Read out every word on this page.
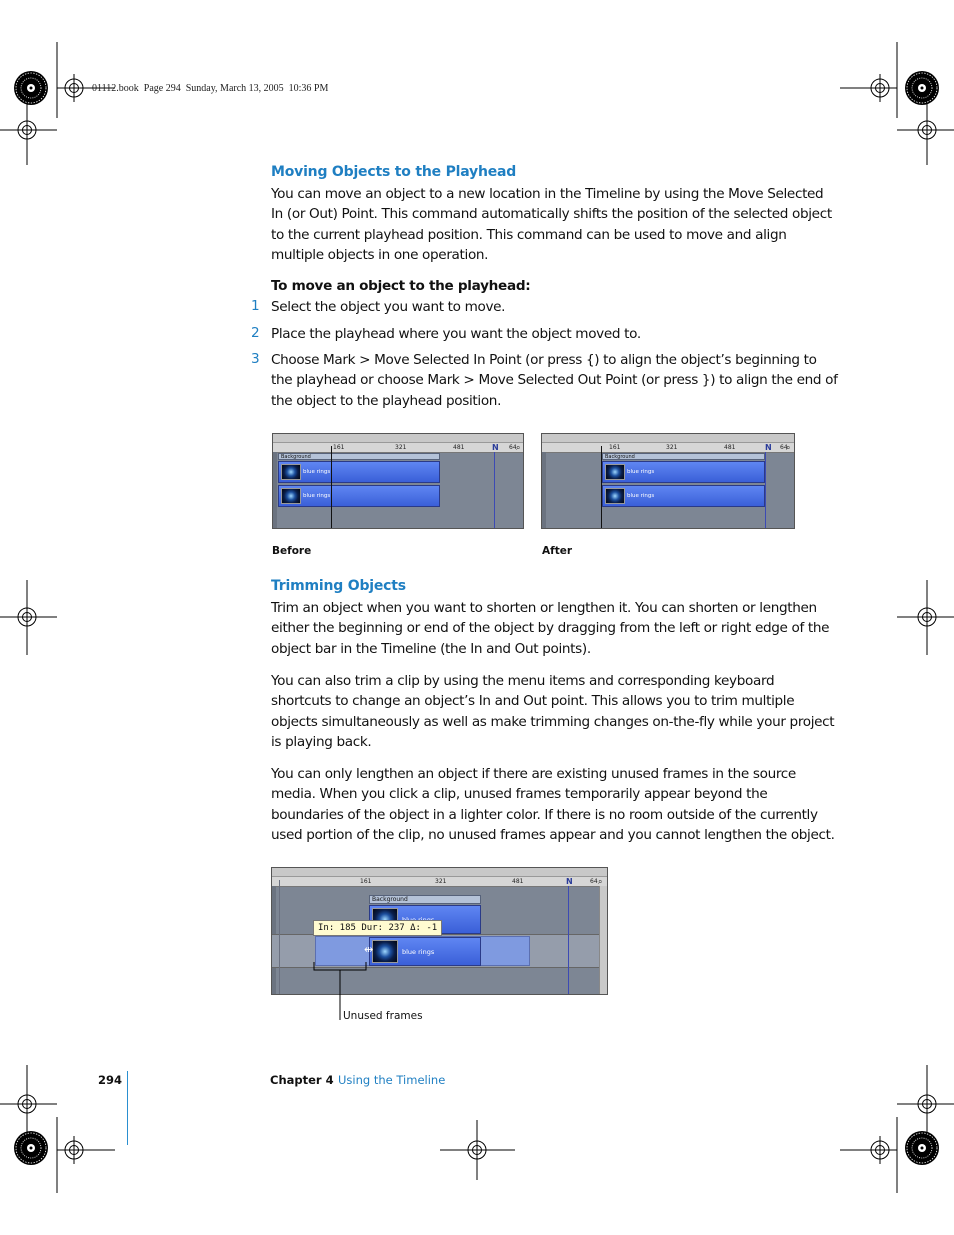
01112.book  Page 294  Sunday, March 13, 2005  10:36 PM
Moving Objects to the Playhead

You can move an object to a new location in the Timeline by using the Move Selected

In (or Out) Point. This command automatically shifts the position of the selected object

to the current playhead position. This command can be used to move and align

multiple objects in one operation.

To move an object to the playhead:
1 Select the object you want to move.

2 Place the playhead where you want the object moved to.

3 Choose Mark > Move Selected In Point (or press {) to align the object’s beginning to

the playhead or choose Mark > Move Selected Out Point (or press }) to align the end of

the object to the playhead position.

161	321	481	64
N ⌕
Background
blue rings
blue rings
Before
161	321	481	64
N ⌕
Background
blue rings
blue rings
After
Trimming Objects

Trim an object when you want to shorten or lengthen it. You can shorten or lengthen

either the beginning or end of the object by dragging from the left or right edge of the

object bar in the Timeline (the In and Out points).

You can also trim a clip by using the menu items and corresponding keyboard

shortcuts to change an object’s In and Out point. This allows you to trim multiple

objects simultaneously as well as make trimming changes on-the-fly while your project

is playing back.

You can only lengthen an object if there are existing unused frames in the source

media. When you click a clip, unused frames temporarily appear beyond the

boundaries of the object in a lighter color. If there is no room outside of the currently

used portion of the clip, no unused frames appear and you cannot lengthen the object.

161	321	481	64
N	⌕
Background
blue rings
⇹
In: 185 Dur: 237 Δ: -1
Unused frames
294	Chapter 4 Using the Timeline
